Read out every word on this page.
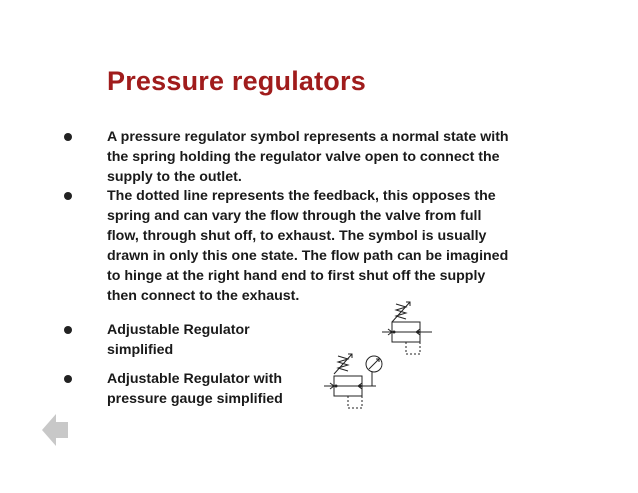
Pressure regulators
A pressure regulator symbol represents a normal state with
the spring holding the regulator valve open to connect the
supply to the outlet.
The dotted line represents the feedback, this opposes the
spring and can vary the flow through the valve from full
flow, through shut off, to exhaust. The symbol is usually
drawn in only this one state. The flow path can be imagined
to hinge at the right hand end to first shut off the supply
then connect to the exhaust.
Adjustable Regulator
simplified
Adjustable Regulator with
pressure gauge simplified
